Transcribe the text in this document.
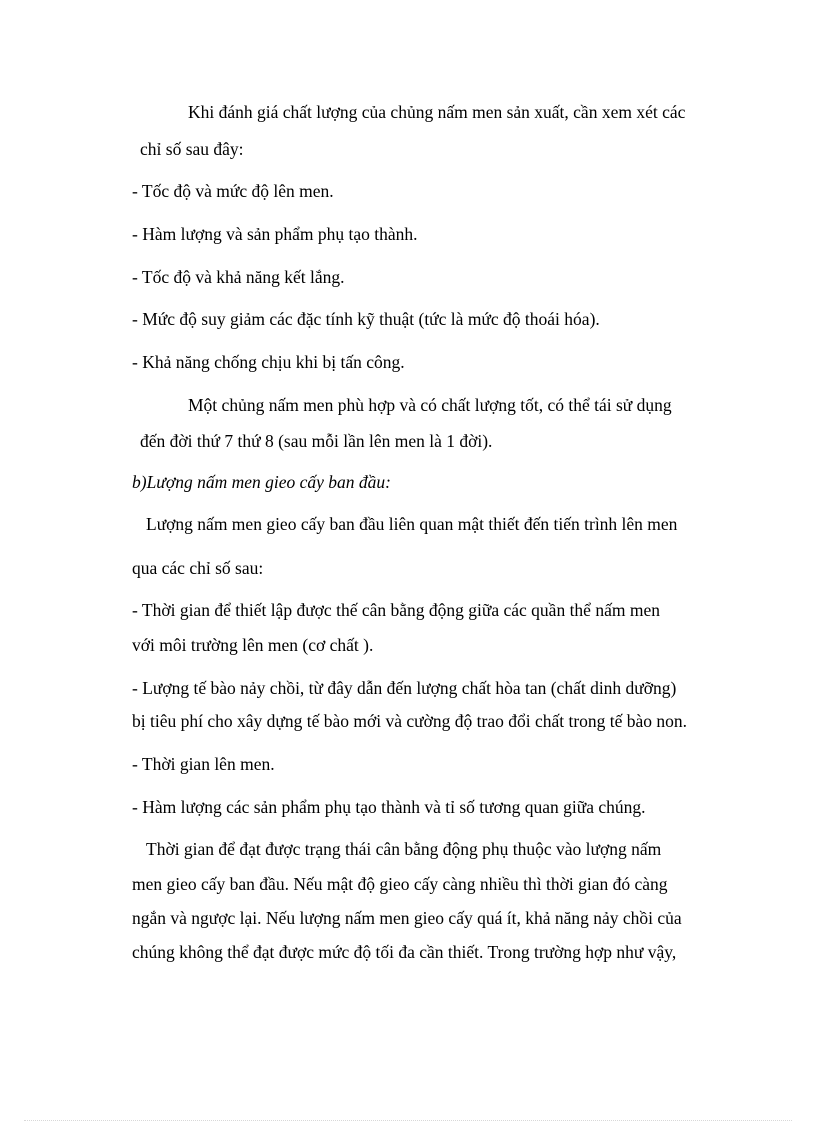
Khi đánh giá chất lượng của chủng nấm men sản xuất, cần xem xét các

chỉ số sau đây:

- Tốc độ và mức độ lên men.

- Hàm lượng và sản phẩm phụ tạo thành.

- Tốc độ và khả năng kết lắng.

- Mức độ suy giảm các đặc tính kỹ thuật (tức là mức độ thoái hóa).

- Khả năng chống chịu khi bị tấn công.

Một chủng nấm men phù hợp và có chất lượng tốt, có thể tái sử dụng

đến đời thứ 7 thứ 8 (sau mỗi lần lên men là 1 đời).

b)Lượng nấm men gieo cấy ban đầu:

Lượng nấm men gieo cấy ban đầu liên quan mật thiết đến tiến trình lên men

qua các chỉ số sau:

- Thời gian để thiết lập được thế cân bằng động giữa các quần thể nấm men

với môi trường lên men (cơ chất ).

- Lượng tế bào nảy chồi, từ đây dẫn đến lượng chất hòa tan (chất dinh dưỡng)

bị tiêu phí cho xây dựng tế bào mới và cường độ trao đổi chất trong tế bào non.

- Thời gian lên men.

- Hàm lượng các sản phẩm phụ tạo thành và tỉ số tương quan giữa chúng.

Thời gian để đạt được trạng thái cân bằng động phụ thuộc vào lượng nấm

men gieo cấy ban đầu. Nếu mật độ gieo cấy càng nhiều thì thời gian đó càng

ngắn và ngược lại. Nếu lượng nấm men gieo cấy quá ít, khả năng nảy chồi của

chúng không thể đạt được mức độ tối đa cần thiết. Trong trường hợp như vậy,
